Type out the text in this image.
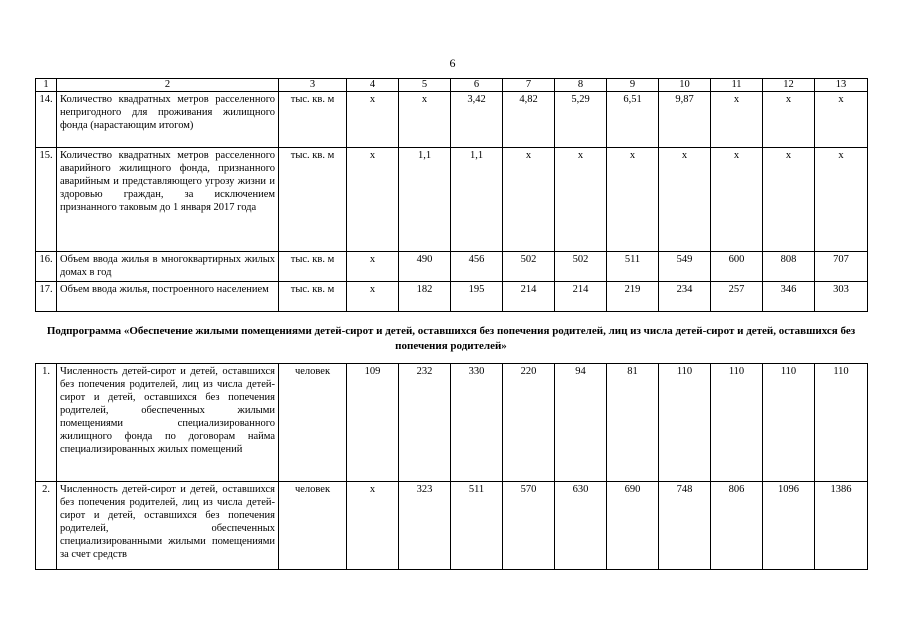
6
1	2	3	4	5	6	7	8	9	10	11	12	13
14.	Количество квадратных метров расселенного непригодного для проживания жилищного фонда (нарастающим итогом)	тыс. кв. м	х	х	3,42	4,82	5,29	6,51	9,87	х	х	х
15.	Количество квадратных метров расселенного аварийного жилищного фонда, признанного аварийным и представляющего угрозу жизни и здоровью граждан, за исключением признанного таковым до 1 января 2017 года	тыс. кв. м	х	1,1	1,1	х	х	х	х	х	х	х
16.	Объем ввода жилья в многоквартирных жилых домах в год	тыс. кв. м	х	490	456	502	502	511	549	600	808	707
17.	Объем ввода жилья, построенного населением	тыс. кв. м	х	182	195	214	214	219	234	257	346	303
Подпрограмма «Обеспечение жилыми помещениями детей-сирот и детей, оставшихся без попечения родителей, лиц из числа детей-сирот и детей, оставшихся без попечения родителей»
1.	Численность детей-сирот и детей, оставшихся без попечения родителей, лиц из числа детей-сирот и детей, оставшихся без попечения родителей, обеспеченных жилыми помещениями специализированного жилищного фонда по договорам найма специализированных жилых помещений	человек	109	232	330	220	94	81	110	110	110	110
2.	Численность детей-сирот и детей, оставшихся без попечения родителей, лиц из числа детей-сирот и детей, оставшихся без попечения родителей, обеспеченных специализированными жилыми помещениями за счет средств	человек	х	323	511	570	630	690	748	806	1096	1386
